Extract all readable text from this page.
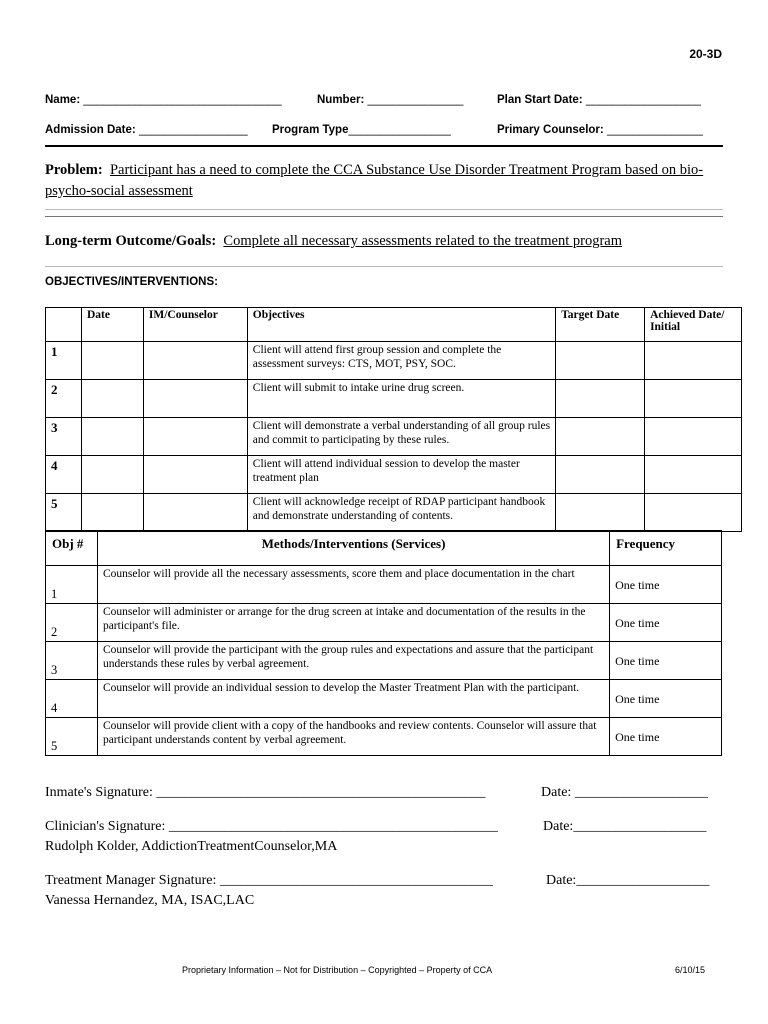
20-3D
Name: _______________________________	Number: _______________	Plan Start Date: __________________
Admission Date: _________________ Program Type________________	Primary Counselor: _______________
Problem: Participant has a need to complete the CCA Substance Use Disorder Treatment Program based on bio-psycho-social assessment
Long-term Outcome/Goals: Complete all necessary assessments related to the treatment program
OBJECTIVES/INTERVENTIONS:
	Date	IM/Counselor	Objectives	Target Date	Achieved Date/ Initial
1			Client will attend first group session and complete the assessment surveys: CTS, MOT, PSY, SOC.		
2			Client will submit to intake urine drug screen.		
3			Client will demonstrate a verbal understanding of all group rules and commit to participating by these rules.		
4			Client will attend individual session to develop the master treatment plan		
5			Client will acknowledge receipt of RDAP participant handbook and demonstrate understanding of contents.		
Obj #	Methods/Interventions (Services)	Frequency
1	Counselor will provide all the necessary assessments, score them and place documentation in the chart	One time
2	Counselor will administer or arrange for the drug screen at intake and documentation of the results in the participant's file.	One time
3	Counselor will provide the participant with the group rules and expectations and assure that the participant understands these rules by verbal agreement.	One time
4	Counselor will provide an individual session to develop the Master Treatment Plan with the participant.	One time
5	Counselor will provide client with a copy of the handbooks and review contents. Counselor will assure that participant understands content by verbal agreement.	One time
Inmate's Signature: _______________________________________________	Date: ___________________
Clinician's Signature: _______________________________________________	Date:___________________
Rudolph Kolder, AddictionTreatmentCounselor,MA
Treatment Manager Signature: _______________________________________	Date:___________________
Vanessa Hernandez, MA, ISAC,LAC
Proprietary Information – Not for Distribution – Copyrighted – Property of CCA	6/10/15
